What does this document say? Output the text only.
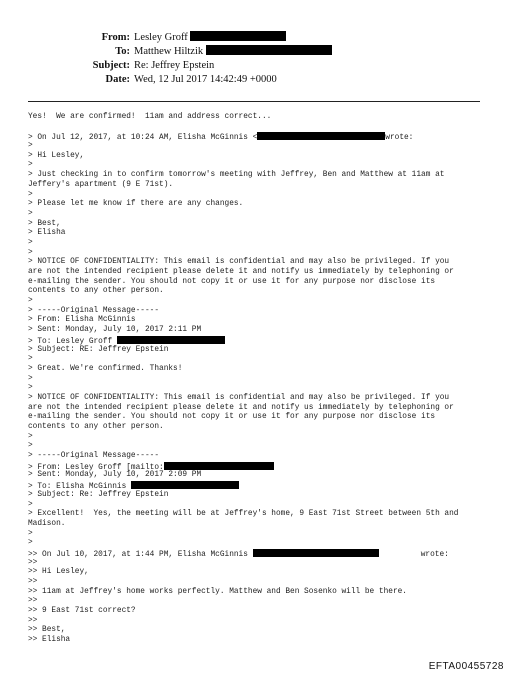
From: Lesley Groff
To: Matthew Hiltzik
Subject: Re: Jeffrey Epstein
Date: Wed, 12 Jul 2017 14:42:49 +0000
Yes!  We are confirmed!  11am and address correct...
> On Jul 12, 2017, at 10:24 AM, Elisha McGinnis <	wrote:
>
> Hi Lesley,
>
> Just checking in to confirm tomorrow's meeting with Jeffrey, Ben and Matthew at 11am at
Jeffery's apartment (9 E 71st).
>
> Please let me know if there are any changes.
>
> Best,
> Elisha
>
>
> NOTICE OF CONFIDENTIALITY: This email is confidential and may also be privileged. If you
are not the intended recipient please delete it and notify us immediately by telephoning or
e-mailing the sender. You should not copy it or use it for any purpose nor disclose its
contents to any other person.
>
> -----Original Message-----
> From: Elisha McGinnis
> Sent: Monday, July 10, 2017 2:11 PM
> To: Lesley Groff
> Subject: RE: Jeffrey Epstein
>
> Great. We're confirmed. Thanks!
>
>
> NOTICE OF CONFIDENTIALITY: This email is confidential and may also be privileged. If you
are not the intended recipient please delete it and notify us immediately by telephoning or
e-mailing the sender. You should not copy it or use it for any purpose nor disclose its
contents to any other person.
>
>
> -----Original Message-----
> From: Lesley Groff [mailto:
> Sent: Monday, July 10, 2017 2:09 PM
> To: Elisha McGinnis
> Subject: Re: Jeffrey Epstein
>
> Excellent!  Yes, the meeting will be at Jeffrey's home, 9 East 71st Street between 5th and
Madison.
>
>
>> On Jul 10, 2017, at 1:44 PM, Elisha McGinnis	wrote:
>>
>> Hi Lesley,
>>
>> 11am at Jeffrey's home works perfectly. Matthew and Ben Sosenko will be there.
>>
>> 9 East 71st correct?
>>
>> Best,
>> Elisha
EFTA00455728
